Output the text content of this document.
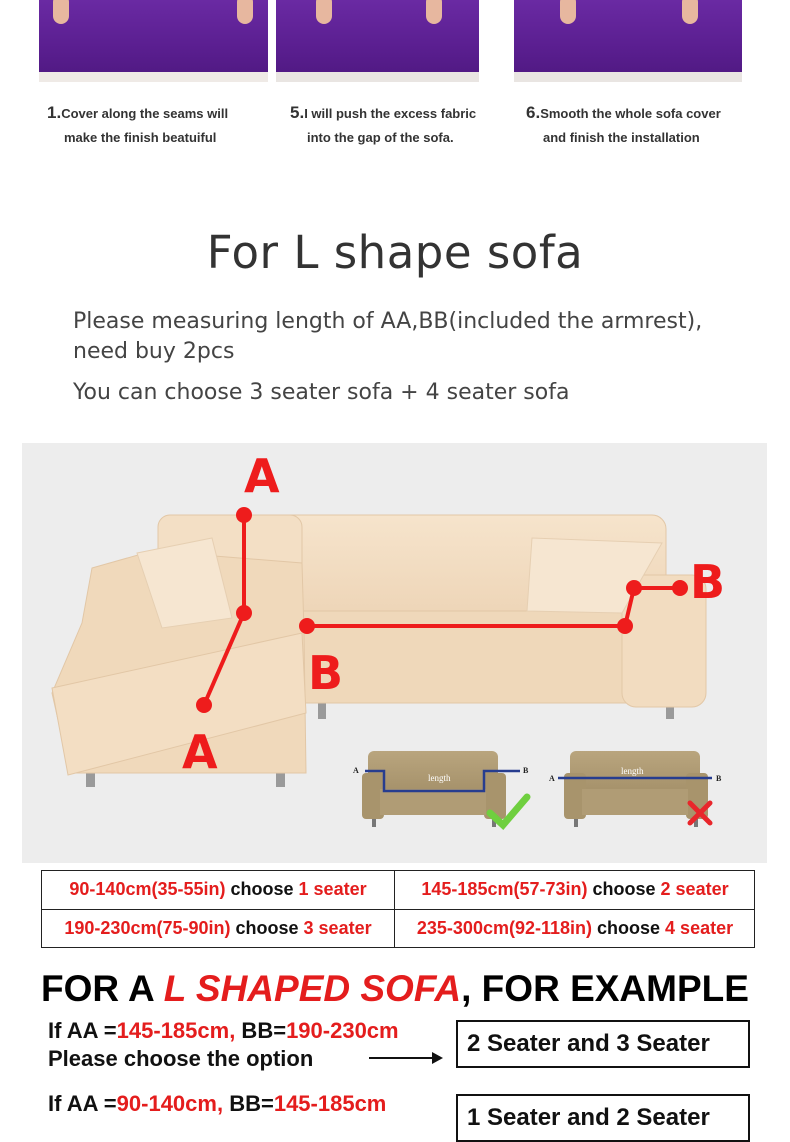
1.Cover along the seams will
make the finish beatuiful
5.I will push the excess fabric
into the gap of the sofa.
6.Smooth the whole sofa cover
and finish the installation
For L shape sofa
Please measuring length of AA,BB(included the armrest),
need buy 2pcs
You can choose 3 seater sofa + 4 seater sofa
A
A
B
B
A	B
length	A	B
length
90-140cm(35-55in) choose 1 seater	145-185cm(57-73in) choose 2 seater
190-230cm(75-90in) choose 3 seater	235-300cm(92-118in) choose 4 seater
FOR A L SHAPED SOFA, FOR EXAMPLE
If AA =145-185cm, BB=190-230cm
Please choose the option
2 Seater and 3 Seater
If AA =90-140cm, BB=145-185cm
1 Seater and 2 Seater
